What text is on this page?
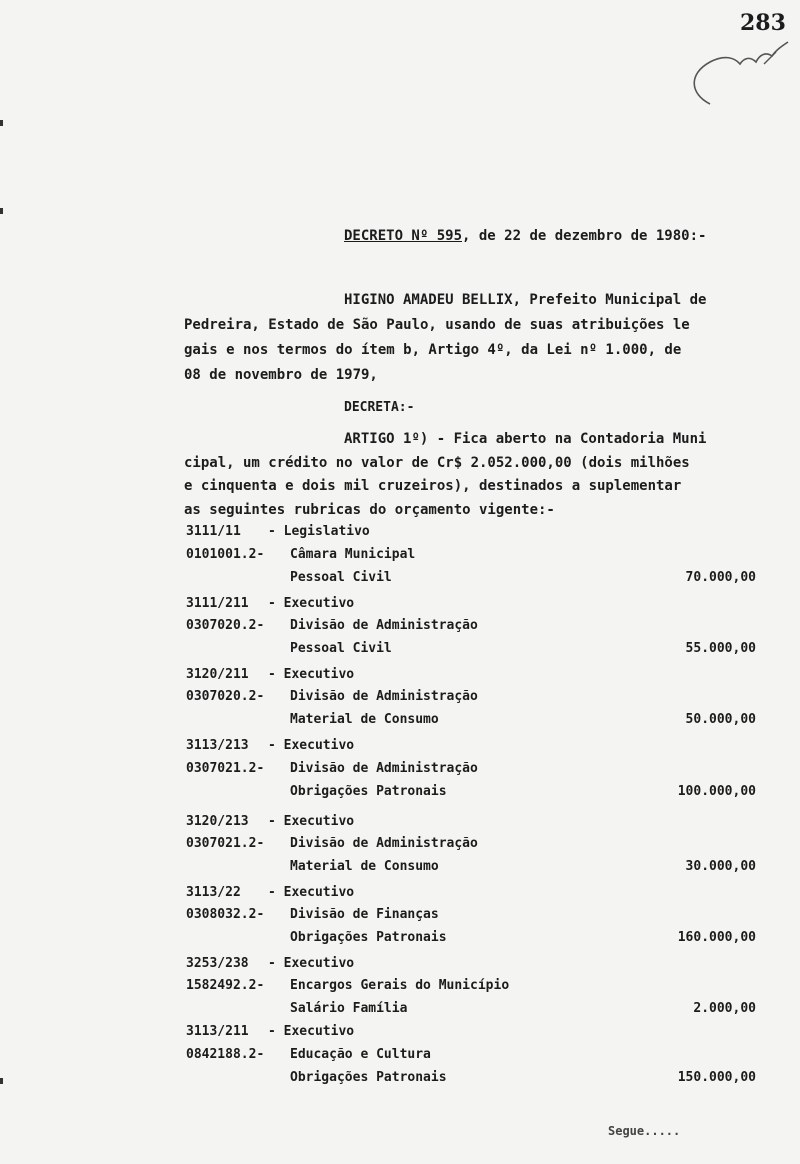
283
DECRETO Nº 595, de 22 de dezembro de 1980:-
HIGINO AMADEU BELLIX, Prefeito Municipal de
Pedreira, Estado de São Paulo, usando de suas atribuições le
gais e nos termos do ítem b, Artigo 4º, da Lei nº 1.000, de
08 de novembro de 1979,
DECRETA:-
ARTIGO 1º) - Fica aberto na Contadoria Muni
cipal, um crédito no valor de Cr$ 2.052.000,00 (dois milhões
e cinquenta e dois mil cruzeiros), destinados a suplementar
as seguintes rubricas do orçamento vigente:-
3111/11 - Legislativo
0101001.2- Câmara Municipal
Pessoal Civil	70.000,00
3111/211 - Executivo
0307020.2- Divisão de Administração
Pessoal Civil	55.000,00
3120/211 - Executivo
0307020.2- Divisão de Administração
Material de Consumo	50.000,00
3113/213 - Executivo
0307021.2- Divisão de Administração
Obrigações Patronais	100.000,00
3120/213 - Executivo
0307021.2- Divisão de Administração
Material de Consumo	30.000,00
3113/22 - Executivo
0308032.2- Divisão de Finanças
Obrigações Patronais	160.000,00
3253/238 - Executivo
1582492.2- Encargos Gerais do Município
Salário Família	2.000,00
3113/211 - Executivo
0842188.2- Educação e Cultura
Obrigações Patronais	150.000,00
Segue.....
